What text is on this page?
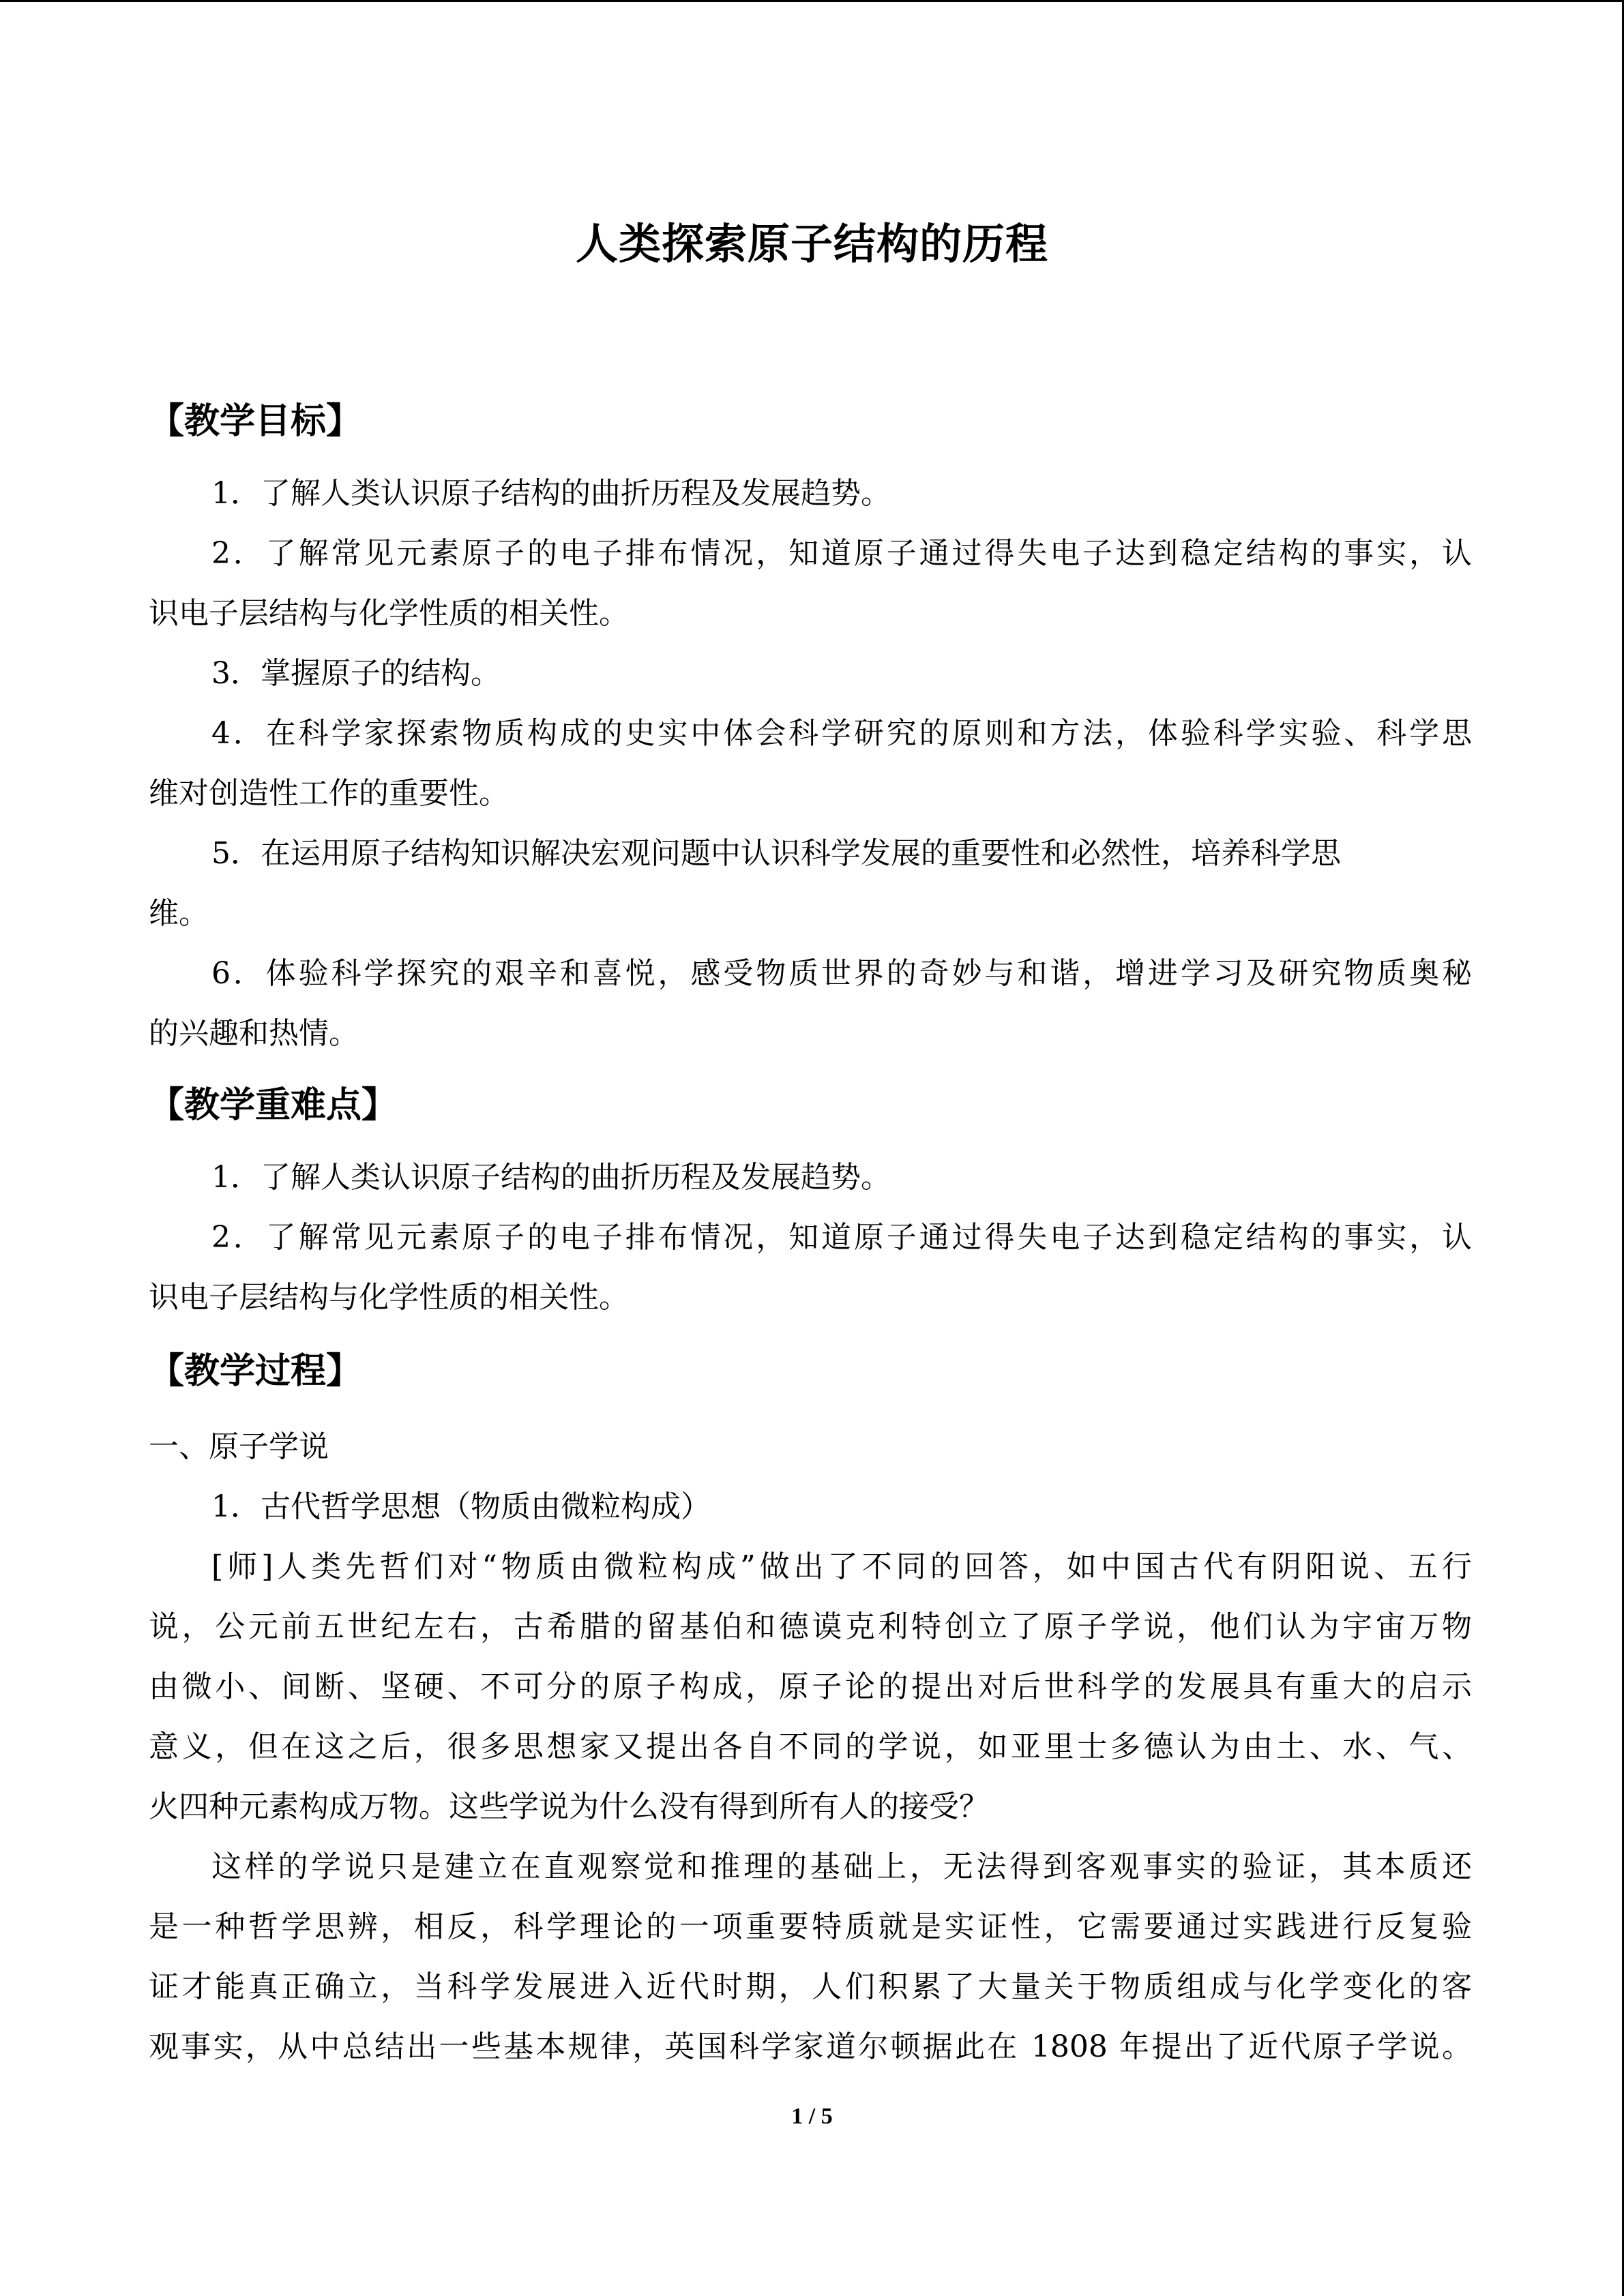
人类探索原子结构的历程
【教学目标】
1．了解人类认识原子结构的曲折历程及发展趋势。
2．了解常见元素原子的电子排布情况，知道原子通过得失电子达到稳定结构的事实，认
识电子层结构与化学性质的相关性。
3．掌握原子的结构。
4．在科学家探索物质构成的史实中体会科学研究的原则和方法，体验科学实验、科学思
维对创造性工作的重要性。
5．在运用原子结构知识解决宏观问题中认识科学发展的重要性和必然性，培养科学思
维。
6．体验科学探究的艰辛和喜悦，感受物质世界的奇妙与和谐，增进学习及研究物质奥秘
的兴趣和热情。
【教学重难点】
1．了解人类认识原子结构的曲折历程及发展趋势。
2．了解常见元素原子的电子排布情况，知道原子通过得失电子达到稳定结构的事实，认
识电子层结构与化学性质的相关性。
【教学过程】
一、原子学说
1．古代哲学思想（物质由微粒构成）
[师]人类先哲们对“物质由微粒构成”做出了不同的回答，如中国古代有阴阳说、五行
说，公元前五世纪左右，古希腊的留基伯和德谟克利特创立了原子学说，他们认为宇宙万物
由微小、间断、坚硬、不可分的原子构成，原子论的提出对后世科学的发展具有重大的启示
意义，但在这之后，很多思想家又提出各自不同的学说，如亚里士多德认为由土、水、气、
火四种元素构成万物。这些学说为什么没有得到所有人的接受？
这样的学说只是建立在直观察觉和推理的基础上，无法得到客观事实的验证，其本质还
是一种哲学思辨，相反，科学理论的一项重要特质就是实证性，它需要通过实践进行反复验
证才能真正确立，当科学发展进入近代时期，人们积累了大量关于物质组成与化学变化的客
观事实，从中总结出一些基本规律，英国科学家道尔顿据此在 1808 年提出了近代原子学说。
1 / 5
